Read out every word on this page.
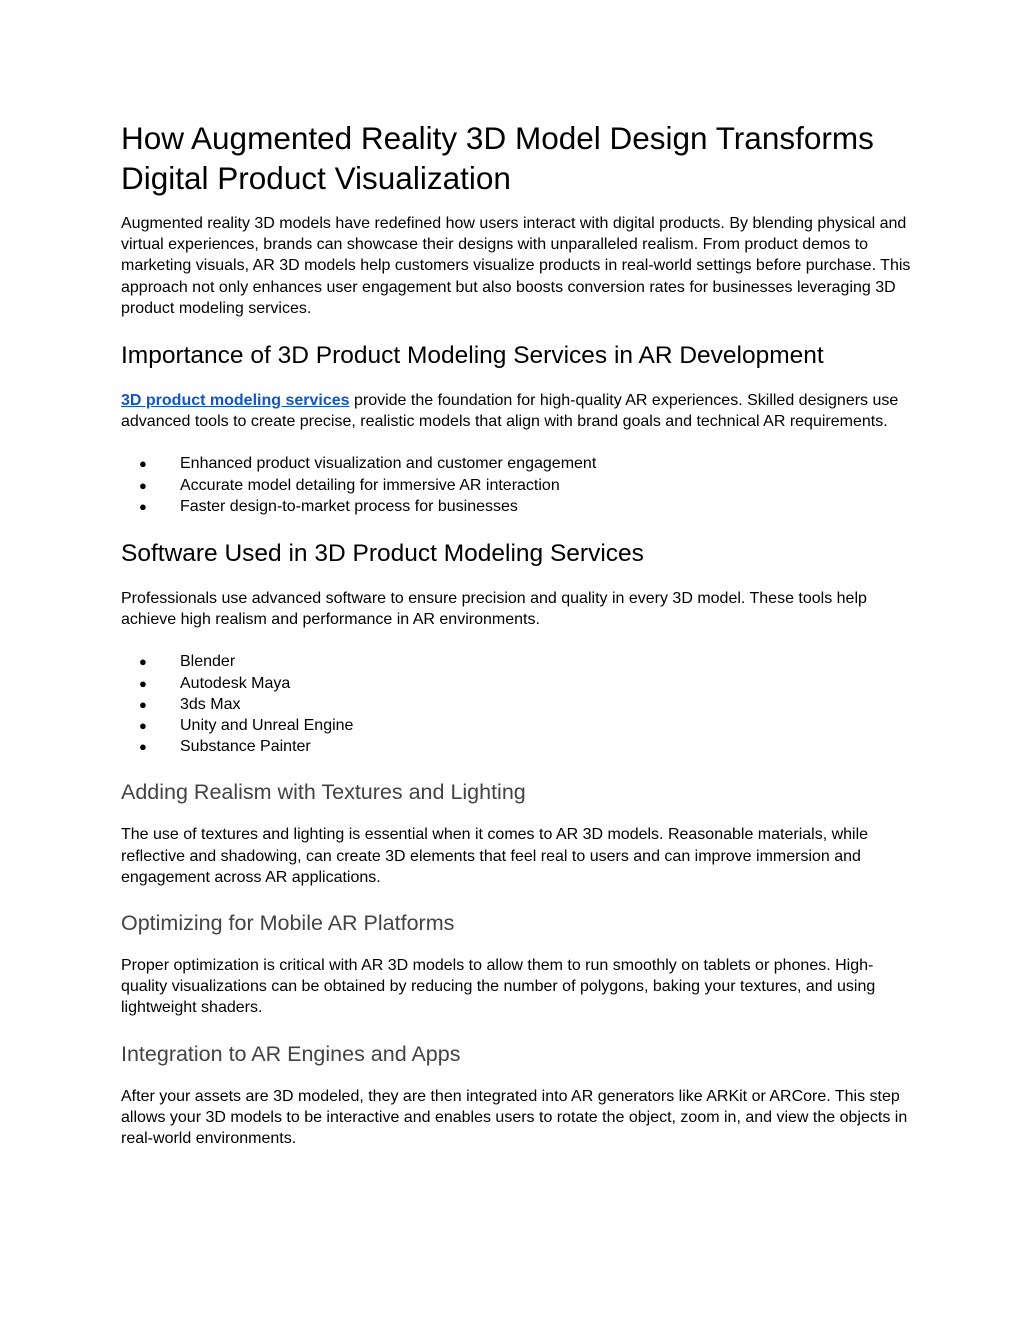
How Augmented Reality 3D Model Design Transforms Digital Product Visualization

Augmented reality 3D models have redefined how users interact with digital products. By blending physical and virtual experiences, brands can showcase their designs with unparalleled realism. From product demos to marketing visuals, AR 3D models help customers visualize products in real-world settings before purchase. This approach not only enhances user engagement but also boosts conversion rates for businesses leveraging 3D product modeling services.

Importance of 3D Product Modeling Services in AR Development

3D product modeling services provide the foundation for high-quality AR experiences. Skilled designers use advanced tools to create precise, realistic models that align with brand goals and technical AR requirements.

● Enhanced product visualization and customer engagement
● Accurate model detailing for immersive AR interaction
● Faster design-to-market process for businesses
Software Used in 3D Product Modeling Services

Professionals use advanced software to ensure precision and quality in every 3D model. These tools help achieve high realism and performance in AR environments.

● Blender
● Autodesk Maya
● 3ds Max
● Unity and Unreal Engine
● Substance Painter
Adding Realism with Textures and Lighting

The use of textures and lighting is essential when it comes to AR 3D models. Reasonable materials, while reflective and shadowing, can create 3D elements that feel real to users and can improve immersion and engagement across AR applications.

Optimizing for Mobile AR Platforms

Proper optimization is critical with AR 3D models to allow them to run smoothly on tablets or phones. High-quality visualizations can be obtained by reducing the number of polygons, baking your textures, and using lightweight shaders.

Integration to AR Engines and Apps

After your assets are 3D modeled, they are then integrated into AR generators like ARKit or ARCore. This step allows your 3D models to be interactive and enables users to rotate the object, zoom in, and view the objects in real-world environments.
